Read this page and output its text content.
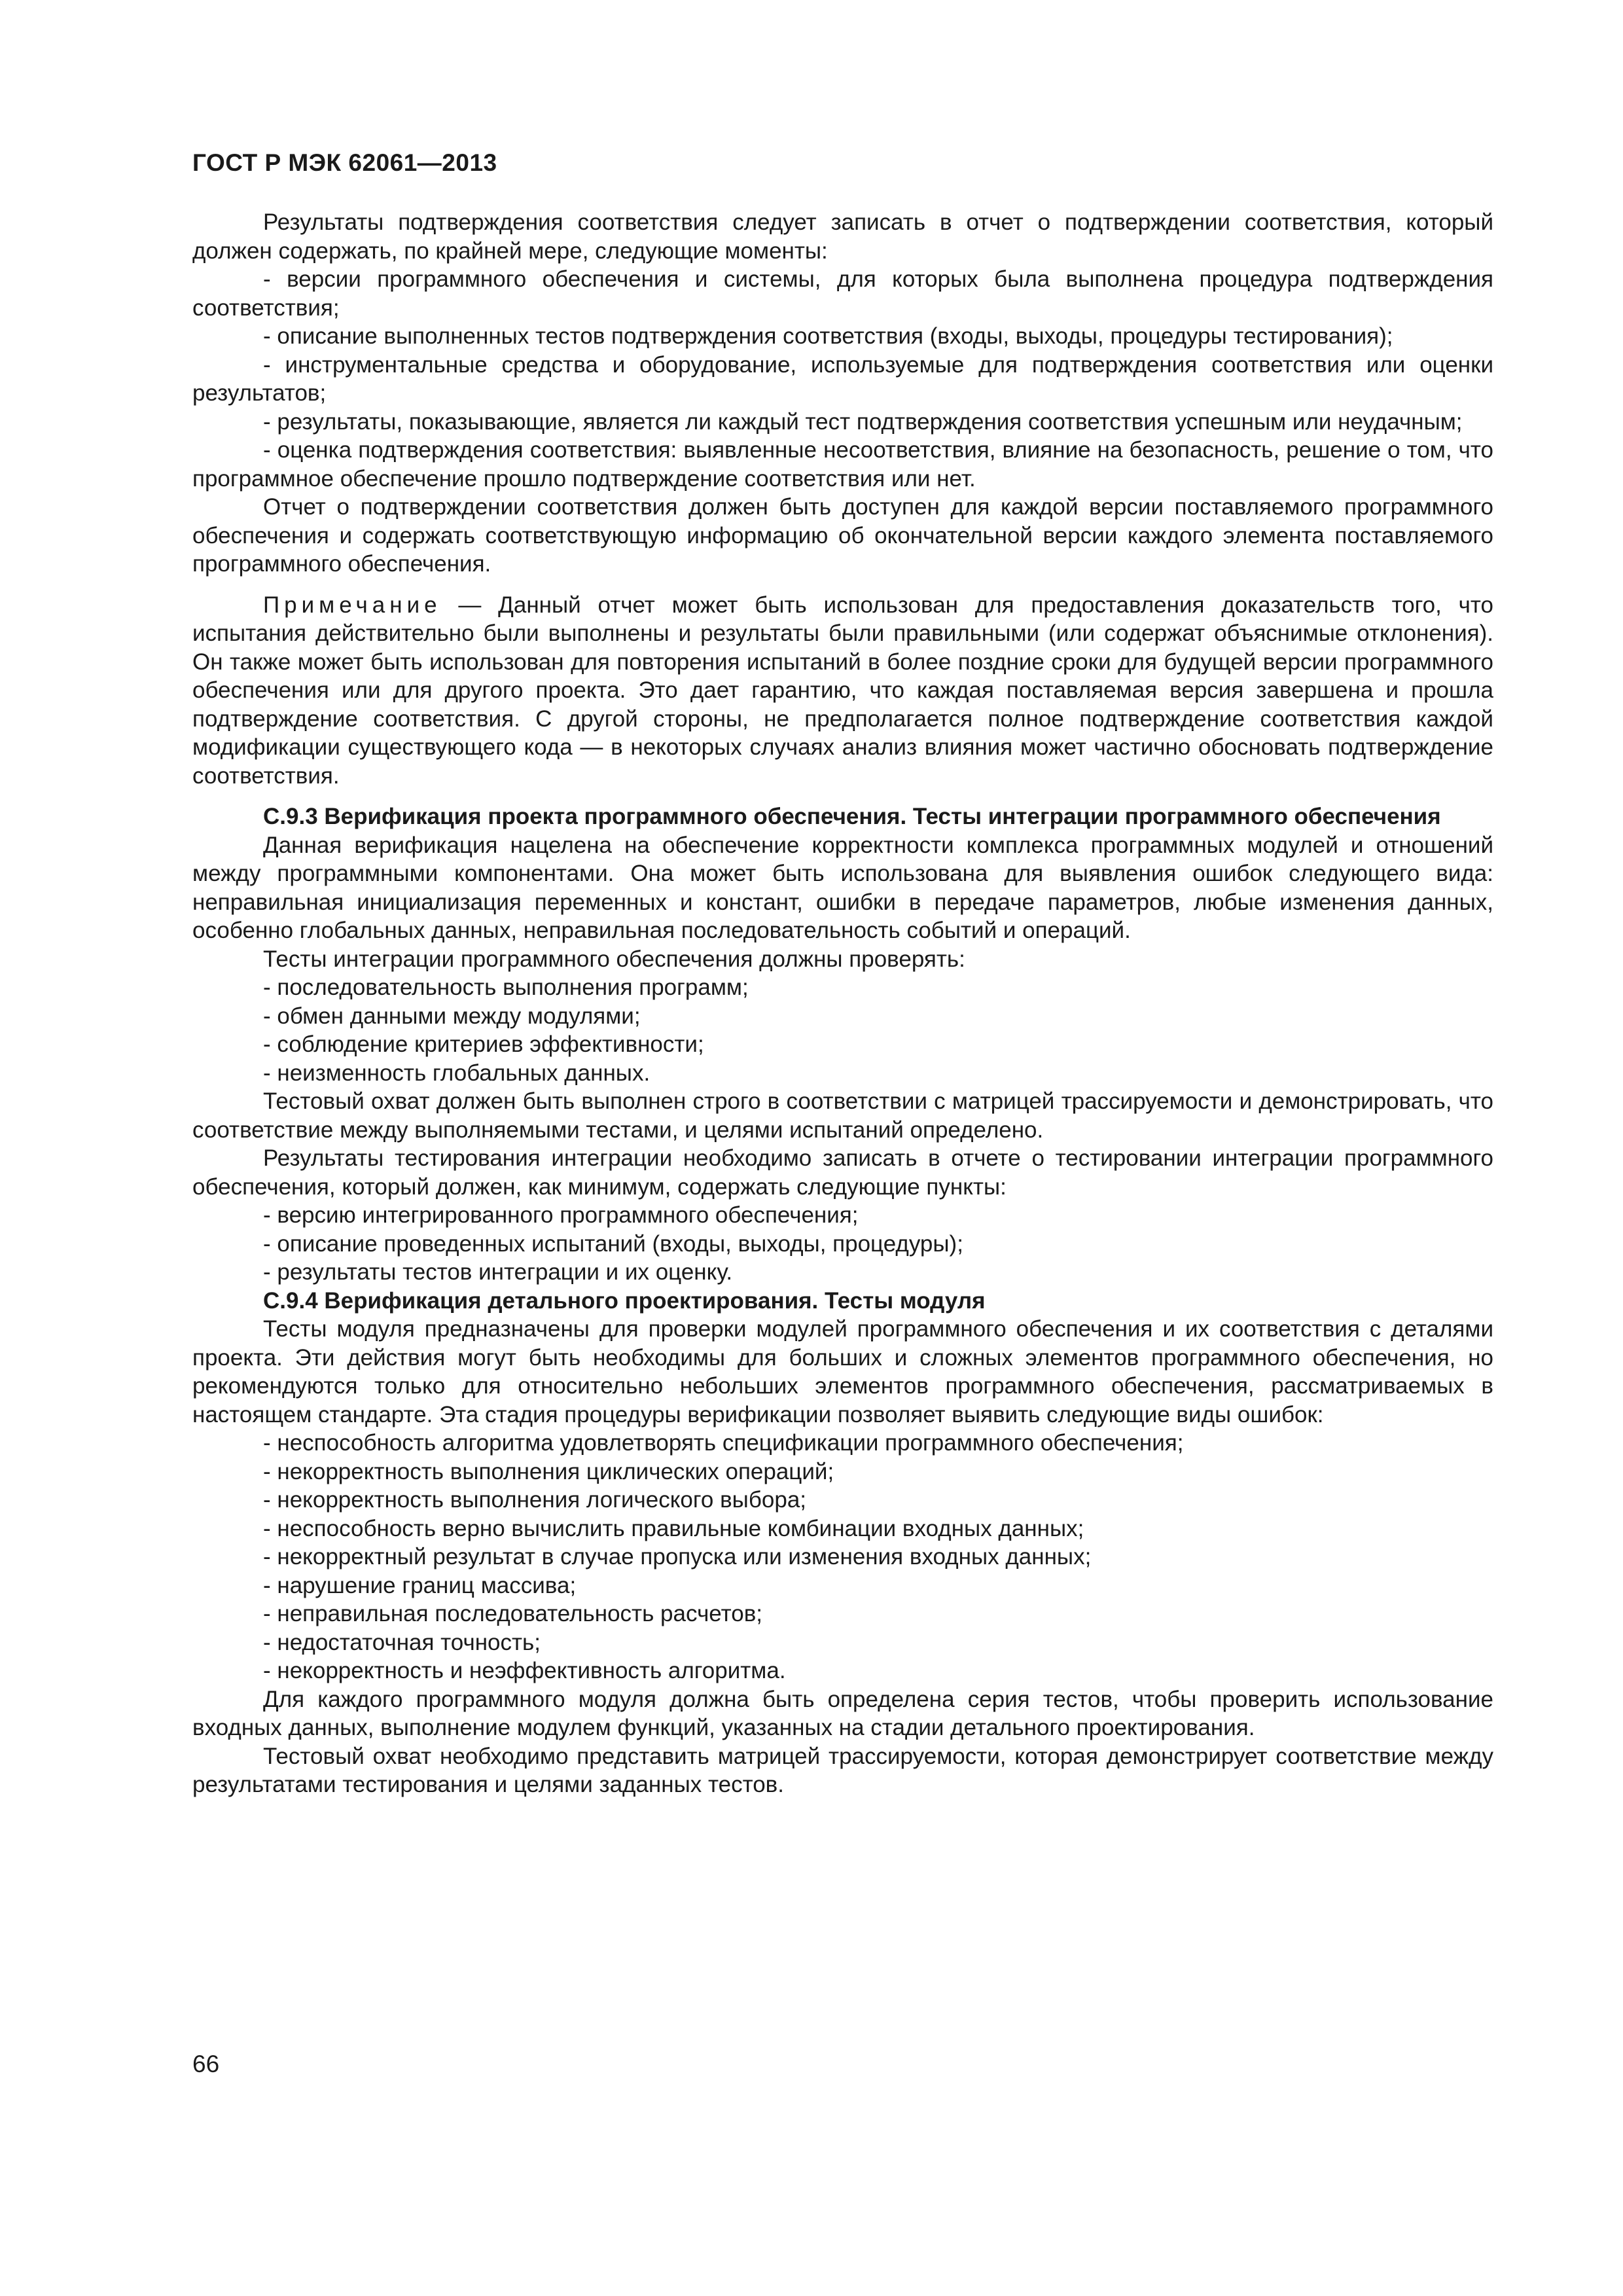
ГОСТ Р МЭК 62061—2013

Результаты подтверждения соответствия следует записать в отчет о подтверждении соответствия, который должен содержать, по крайней мере, следующие моменты:

- версии программного обеспечения и системы, для которых была выполнена процедура подтверждения соответствия;

- описание выполненных тестов подтверждения соответствия (входы, выходы, процедуры тестирования);

- инструментальные средства и оборудование, используемые для подтверждения соответствия или оценки результатов;

- результаты, показывающие, является ли каждый тест подтверждения соответствия успешным или неудачным;

- оценка подтверждения соответствия: выявленные несоответствия, влияние на безопасность, решение о том, что программное обеспечение прошло подтверждение соответствия или нет.

Отчет о подтверждении соответствия должен быть доступен для каждой версии поставляемого программного обеспечения и содержать соответствующую информацию об окончательной версии каждого элемента поставляемого программного обеспечения.

Примечание — Данный отчет может быть использован для предоставления доказательств того, что испытания действительно были выполнены и результаты были правильными (или содержат объяснимые отклонения). Он также может быть использован для повторения испытаний в более поздние сроки для будущей версии программного обеспечения или для другого проекта. Это дает гарантию, что каждая поставляемая версия завершена и прошла подтверждение соответствия. С другой стороны, не предполагается полное подтверждение соответствия каждой модификации существующего кода — в некоторых случаях анализ влияния может частично обосновать подтверждение соответствия.

C.9.3 Верификация проекта программного обеспечения. Тесты интеграции программного обеспечения

Данная верификация нацелена на обеспечение корректности комплекса программных модулей и отношений между программными компонентами. Она может быть использована для выявления ошибок следующего вида: неправильная инициализация переменных и констант, ошибки в передаче параметров, любые изменения данных, особенно глобальных данных, неправильная последовательность событий и операций.

Тесты интеграции программного обеспечения должны проверять:

- последовательность выполнения программ;

- обмен данными между модулями;

- соблюдение критериев эффективности;

- неизменность глобальных данных.

Тестовый охват должен быть выполнен строго в соответствии с матрицей трассируемости и демонстрировать, что соответствие между выполняемыми тестами, и целями испытаний определено.

Результаты тестирования интеграции необходимо записать в отчете о тестировании интеграции программного обеспечения, который должен, как минимум, содержать следующие пункты:

- версию интегрированного программного обеспечения;

- описание проведенных испытаний (входы, выходы, процедуры);

- результаты тестов интеграции и их оценку.

C.9.4 Верификация детального проектирования. Тесты модуля

Тесты модуля предназначены для проверки модулей программного обеспечения и их соответствия с деталями проекта. Эти действия могут быть необходимы для больших и сложных элементов программного обеспечения, но рекомендуются только для относительно небольших элементов программного обеспечения, рассматриваемых в настоящем стандарте. Эта стадия процедуры верификации позволяет выявить следующие виды ошибок:

- неспособность алгоритма удовлетворять спецификации программного обеспечения;

- некорректность выполнения циклических операций;

- некорректность выполнения логического выбора;

- неспособность верно вычислить правильные комбинации входных данных;

- некорректный результат в случае пропуска или изменения входных данных;

- нарушение границ массива;

- неправильная последовательность расчетов;

- недостаточная точность;

- некорректность и неэффективность алгоритма.

Для каждого программного модуля должна быть определена серия тестов, чтобы проверить использование входных данных, выполнение модулем функций, указанных на стадии детального проектирования.

Тестовый охват необходимо представить матрицей трассируемости, которая демонстрирует соответствие между результатами тестирования и целями заданных тестов.

66
